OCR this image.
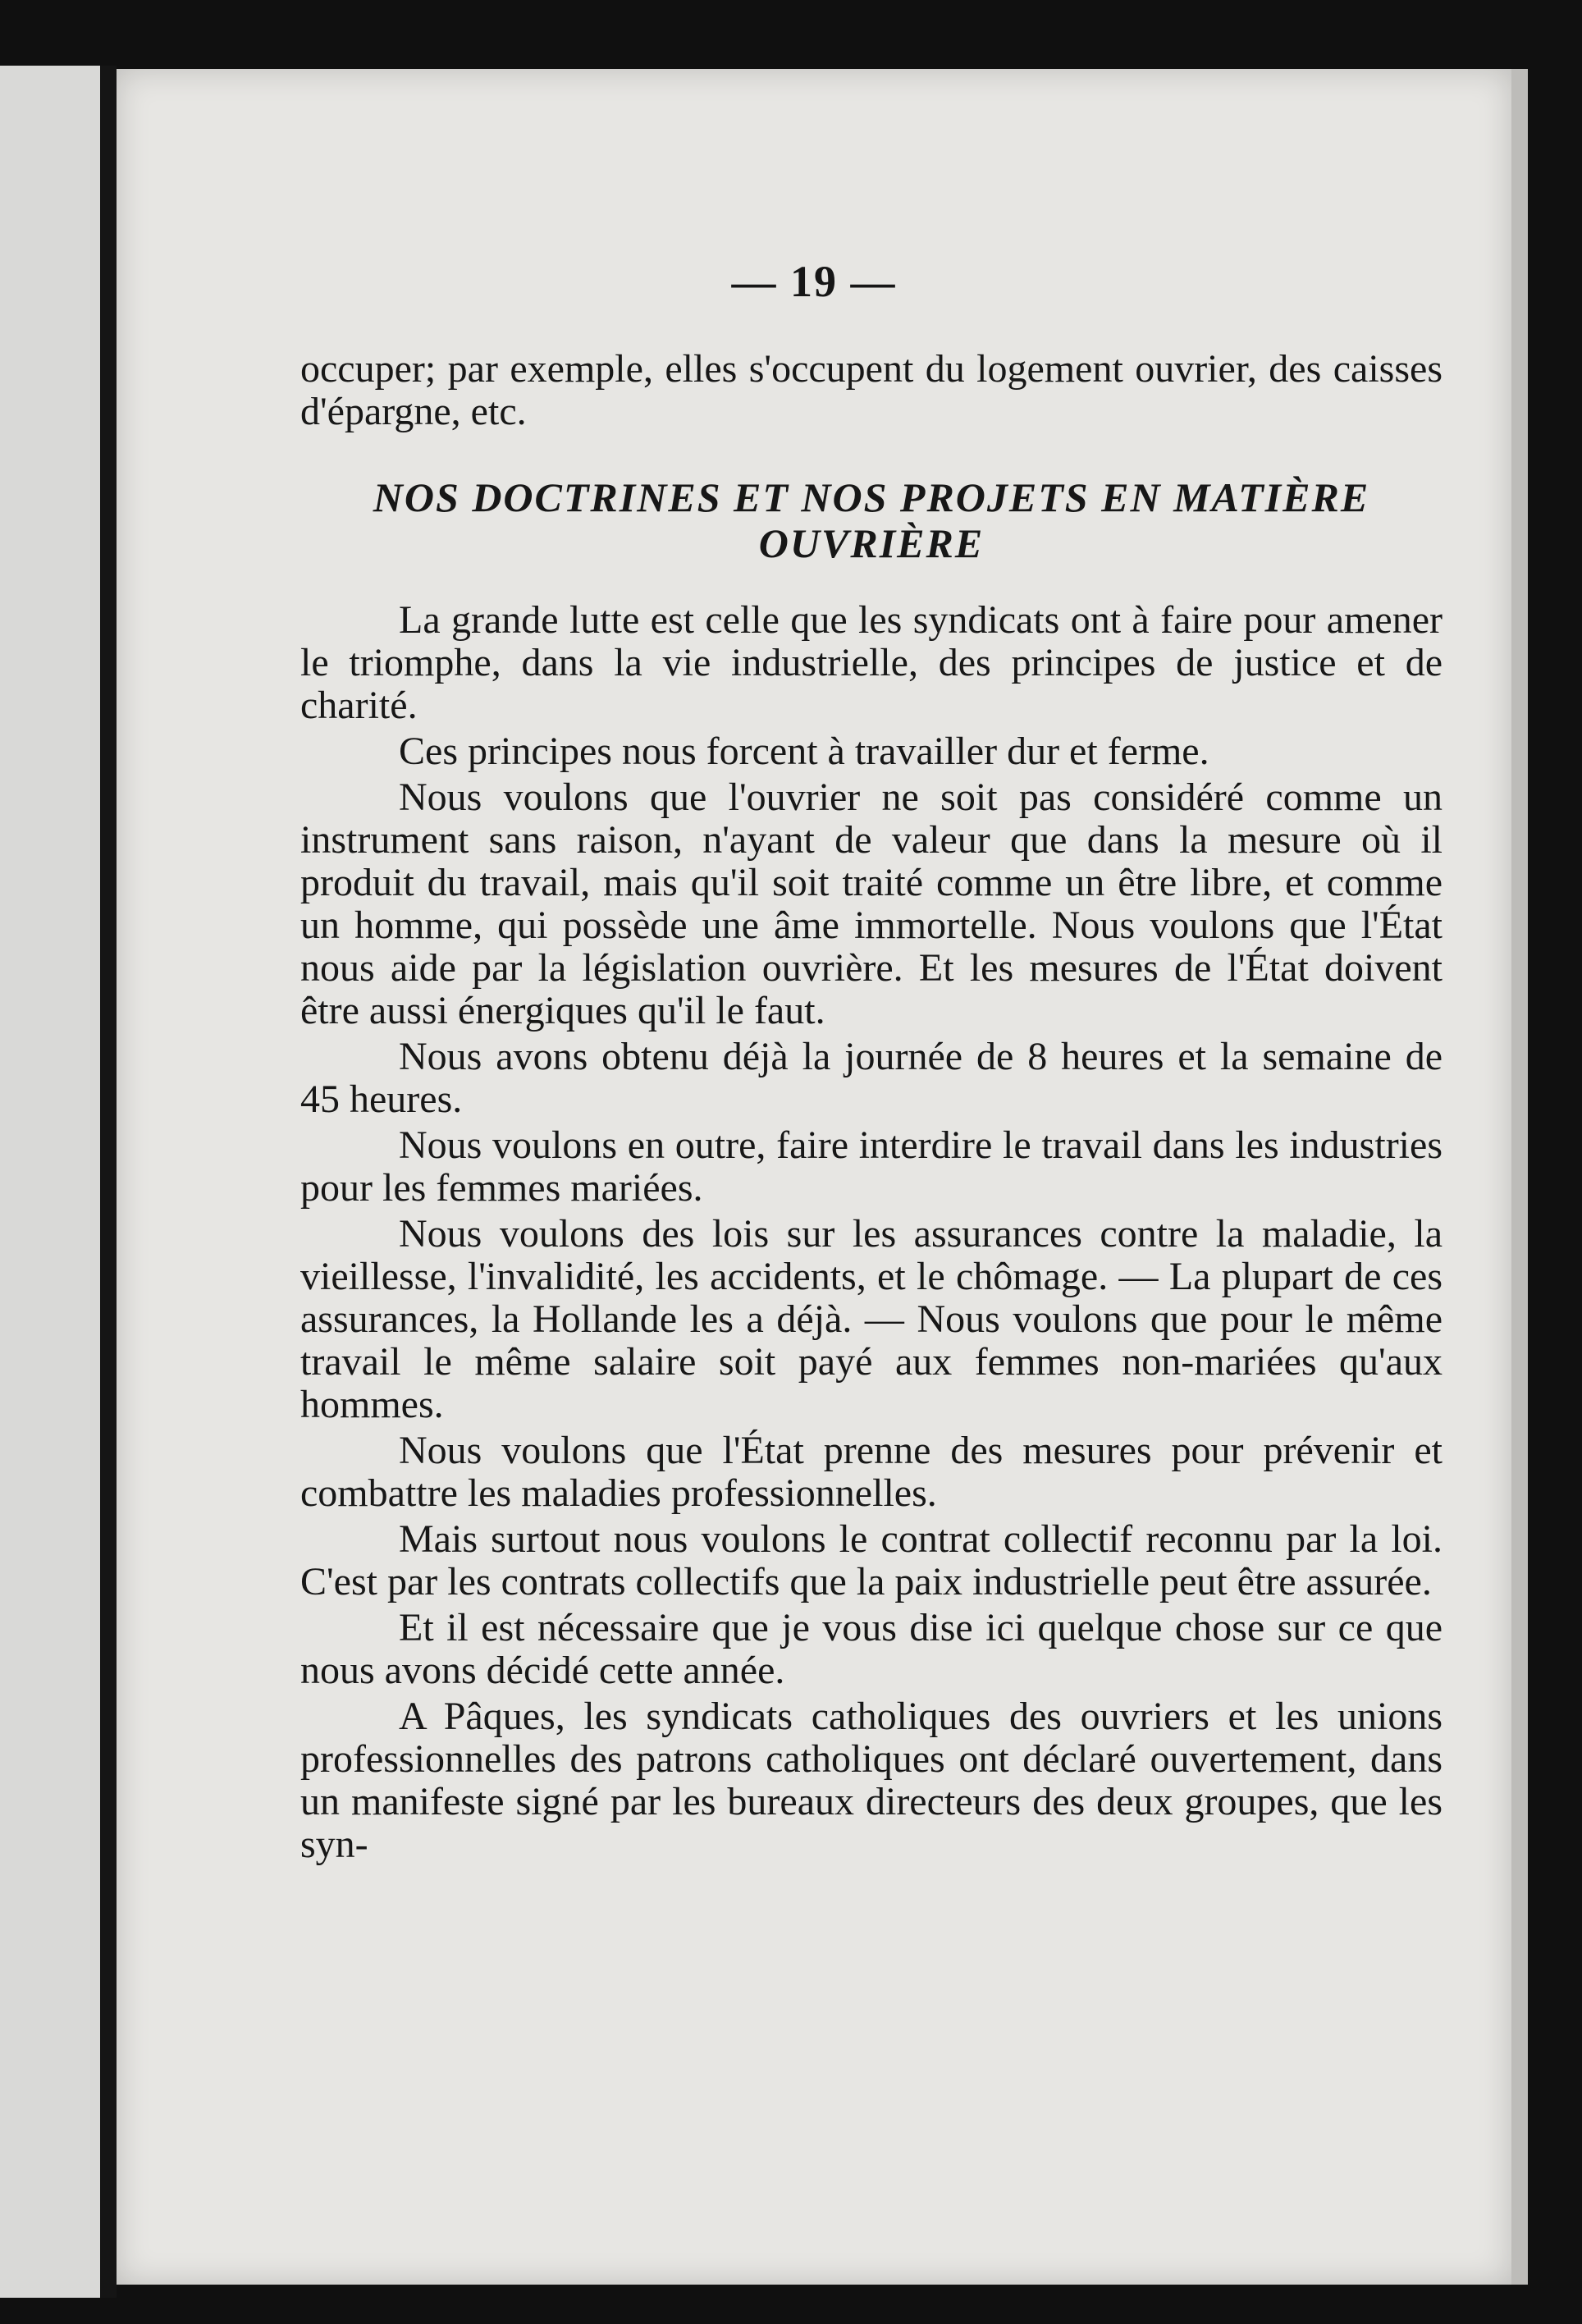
— 19 —

occuper; par exemple, elles s'occupent du logement ouvrier, des caisses d'épargne, etc.

NOS DOCTRINES ET NOS PROJETS EN MATIÈRE OUVRIÈRE

La grande lutte est celle que les syndicats ont à faire pour amener le triomphe, dans la vie industrielle, des principes de justice et de charité.

Ces principes nous forcent à travailler dur et ferme.

Nous voulons que l'ouvrier ne soit pas considéré comme un instrument sans raison, n'ayant de valeur que dans la mesure où il produit du travail, mais qu'il soit traité comme un être libre, et comme un homme, qui possède une âme immortelle. Nous voulons que l'État nous aide par la législation ouvrière. Et les mesures de l'État doivent être aussi énergiques qu'il le faut.

Nous avons obtenu déjà la journée de 8 heures et la semaine de 45 heures.

Nous voulons en outre, faire interdire le travail dans les industries pour les femmes mariées.

Nous voulons des lois sur les assurances contre la maladie, la vieillesse, l'invalidité, les accidents, et le chômage. — La plupart de ces assurances, la Hollande les a déjà. — Nous voulons que pour le même travail le même salaire soit payé aux femmes non-mariées qu'aux hommes.

Nous voulons que l'État prenne des mesures pour prévenir et combattre les maladies professionnelles.

Mais surtout nous voulons le contrat collectif reconnu par la loi. C'est par les contrats collectifs que la paix industrielle peut être assurée.

Et il est nécessaire que je vous dise ici quelque chose sur ce que nous avons décidé cette année.

A Pâques, les syndicats catholiques des ouvriers et les unions professionnelles des patrons catholiques ont déclaré ouvertement, dans un manifeste signé par les bureaux directeurs des deux groupes, que les syn-
